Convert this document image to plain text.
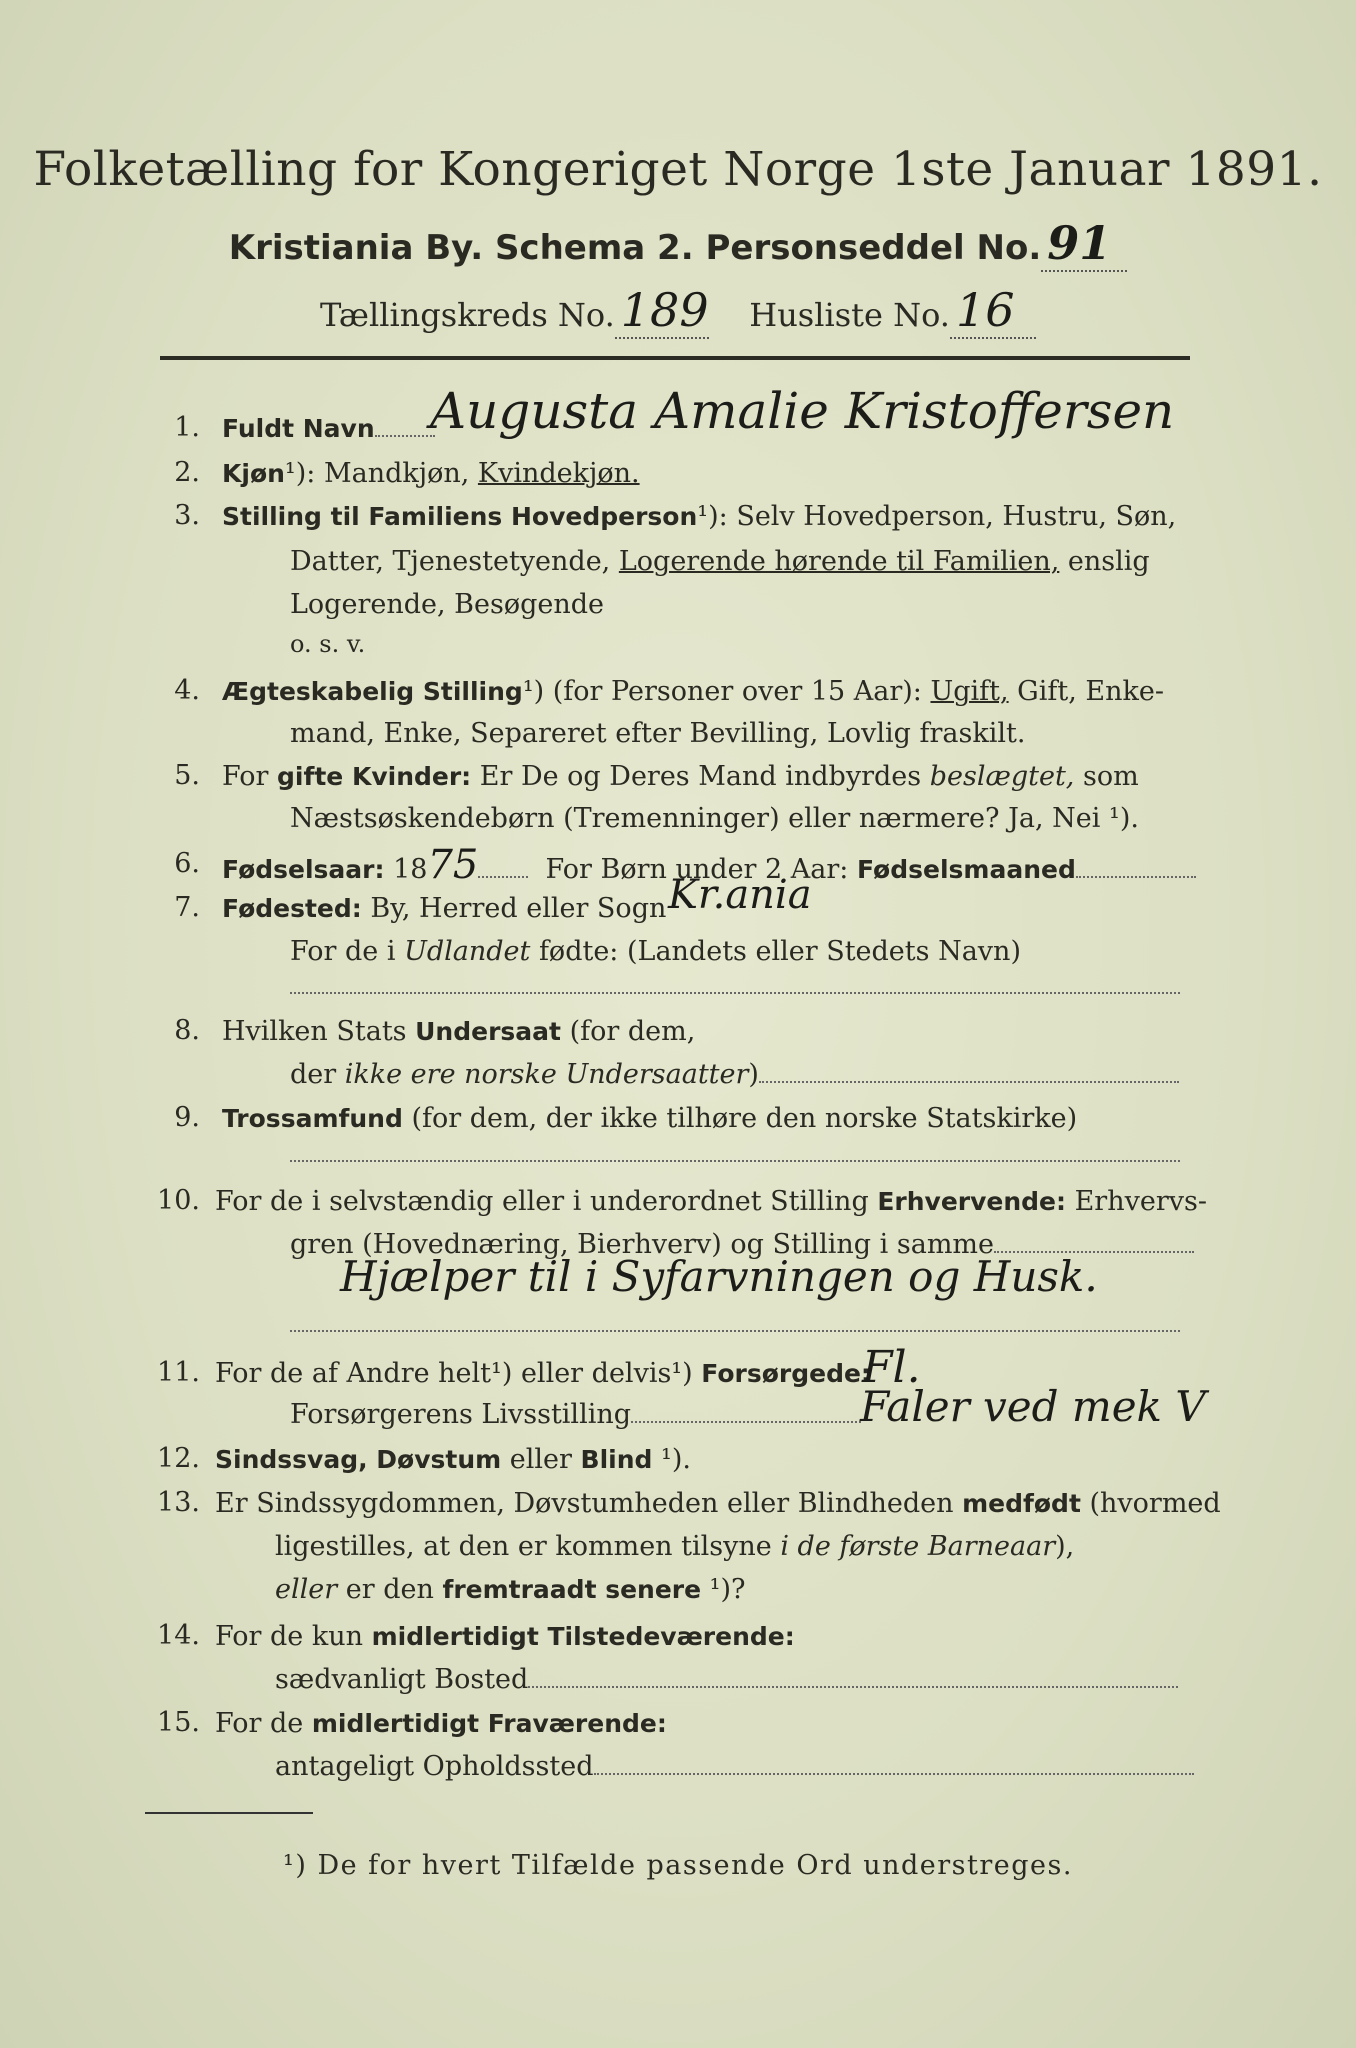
Folketælling for Kongeriget Norge 1ste Januar 1891.
Kristiania By. Schema 2. Personseddel No. 91
Tællingskreds No. 189 Husliste No. 16
1. Fuldt Navn	Augusta Amalie Kristoffersen
2. Kjøn¹): Mandkjøn, Kvindekjøn.
3. Stilling til Familiens Hovedperson¹): Selv Hovedperson, Hustru, Søn,
Datter, Tjenestetyende, Logerende hørende til Familien, enslig
Logerende, Besøgende
o. s. v.
4. Ægteskabelig Stilling¹) (for Personer over 15 Aar): Ugift, Gift, Enke-
mand, Enke, Separeret efter Bevilling, Lovlig fraskilt.
5. For gifte Kvinder: Er De og Deres Mand indbyrdes beslægtet, som
Næstsøskendebørn (Tremenninger) eller nærmere? Ja, Nei ¹).
6. Fødselsaar: 1875 For Børn under 2 Aar: Fødselsmaaned
7. Fødested: By, Herred eller Sogn Kr.ania
For de i Udlandet fødte: (Landets eller Stedets Navn)
8. Hvilken Stats Undersaat (for dem,
der ikke ere norske Undersaatter)
9. Trossamfund (for dem, der ikke tilhøre den norske Statskirke)
10. For de i selvstændig eller i underordnet Stilling Erhvervende: Erhvervs-
gren (Hovednæring, Bierhverv) og Stilling i samme
Hjælper til i Syfarvningen og Husk.
11. For de af Andre helt¹) eller delvis¹) Forsørgede:
Fl.
Forsørgerens Livsstilling	Faler ved mek V
12. Sindssvag, Døvstum eller Blind ¹).
13. Er Sindssygdommen, Døvstumheden eller Blindheden medfødt (hvormed
ligestilles, at den er kommen tilsyne i de første Barneaar),
eller er den fremtraadt senere ¹)?
14. For de kun midlertidigt Tilstedeværende:
sædvanligt Bosted
15. For de midlertidigt Fraværende:
antageligt Opholdssted
¹) De for hvert Tilfælde passende Ord understreges.
